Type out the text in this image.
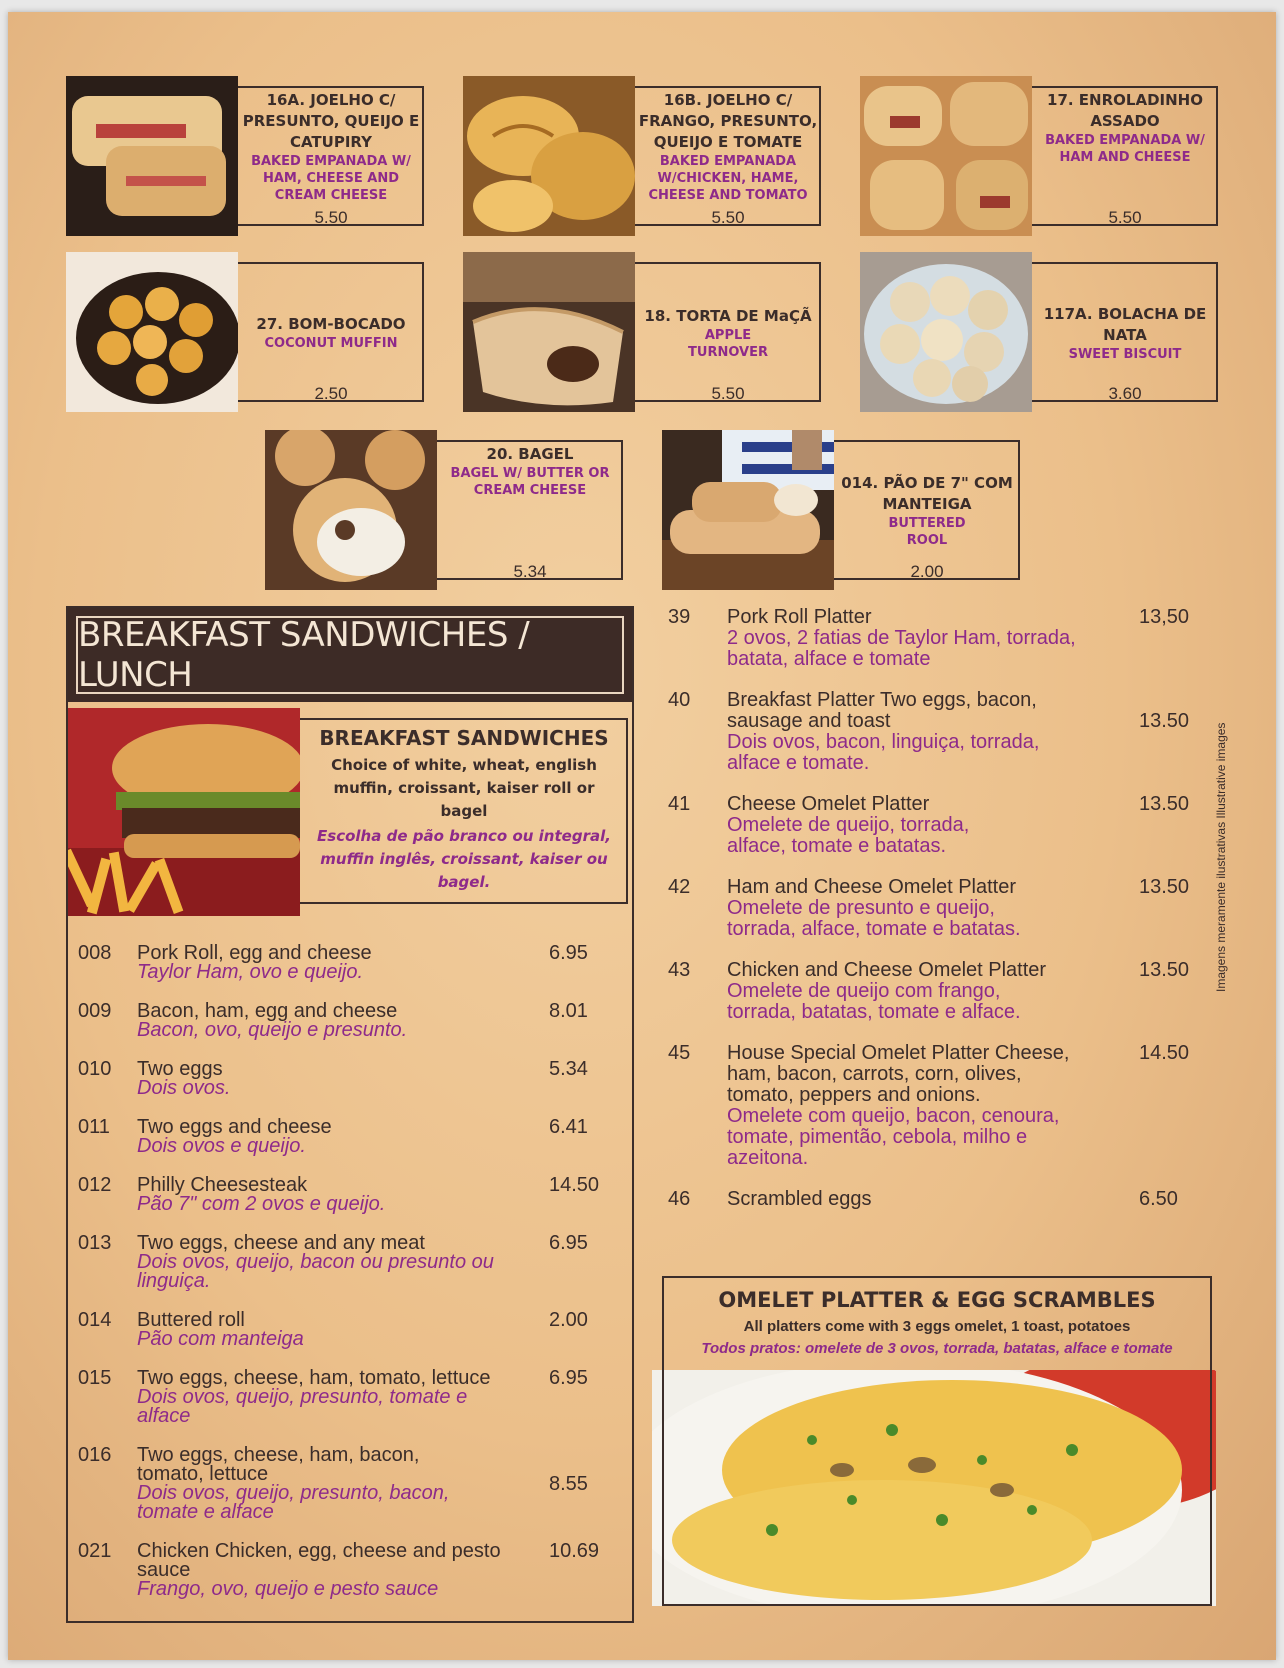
16A. JOELHO C/ PRESUNTO, QUEIJO E CATUPIRY
BAKED EMPANADA W/ HAM, CHEESE AND CREAM CHEESE
5.50
16B. JOELHO C/ FRANGO, PRESUNTO, QUEIJO E TOMATE
BAKED EMPANADA W/CHICKEN, HAME, CHEESE AND TOMATO
5.50
17. ENROLADINHO ASSADO
BAKED EMPANADA W/ HAM AND CHEESE
5.50
27. BOM-BOCADO
COCONUT MUFFIN
2.50
18. TORTA DE MaÇÃ
APPLE TURNOVER
5.50
117A. BOLACHA DE NATA
SWEET BISCUIT
3.60
20. BAGEL
BAGEL W/ BUTTER OR CREAM CHEESE
5.34
014. PÃO DE 7" COM MANTEIGA
BUTTERED ROOL
2.00
BREAKFAST SANDWICHES / LUNCH
BREAKFAST SANDWICHES
Choice of white, wheat, english muffin, croissant, kaiser roll or bagel
Escolha de pão branco ou integral, muffin inglês, croissant, kaiser ou bagel.
008	Pork Roll, egg and cheese
Taylor Ham, ovo e queijo.
6.95
009	Bacon, ham, egg and cheese
Bacon, ovo, queijo e presunto.
8.01
010	Two eggs
Dois ovos.
5.34
011	Two eggs and cheese
Dois ovos e queijo.
6.41
012	Philly Cheesesteak
Pão 7" com 2 ovos e queijo.
14.50
013	Two eggs, cheese and any meat
Dois ovos, queijo, bacon ou presunto ou linguiça.
6.95
014	Buttered roll
Pão com manteiga
2.00
015	Two eggs, cheese, ham, tomato, lettuce
Dois ovos, queijo, presunto, tomate e alface
6.95
016	Two eggs, cheese, ham, bacon, tomato, lettuce
Dois ovos, queijo, presunto, bacon, tomate e alface
8.55
021	Chicken Chicken, egg, cheese and pesto sauce
Frango, ovo, queijo e pesto sauce
10.69
39	Pork Roll Platter
2 ovos, 2 fatias de Taylor Ham, torrada, batata, alface e tomate
13,50
40	Breakfast Platter Two eggs, bacon, sausage and toast
Dois ovos, bacon, linguiça, torrada, alface e tomate.
13.50
41	Cheese Omelet Platter
Omelete de queijo, torrada, alface, tomate e batatas.
13.50
42	Ham and Cheese Omelet Platter
Omelete de presunto e queijo, torrada, alface, tomate e batatas.
13.50
43	Chicken and Cheese Omelet Platter
Omelete de queijo com frango, torrada, batatas, tomate e alface.
13.50
45	House Special Omelet Platter Cheese, ham, bacon, carrots, corn, olives, tomato, peppers and onions.
Omelete com queijo, bacon, cenoura, tomate, pimentão, cebola, milho e azeitona.
14.50
46	Scrambled eggs	6.50
Imagens meramente ilustrativas Illustrative images
OMELET PLATTER & EGG SCRAMBLES
All platters come with 3 eggs omelet, 1 toast, potatoes
Todos pratos: omelete de 3 ovos, torrada, batatas, alface e tomate
